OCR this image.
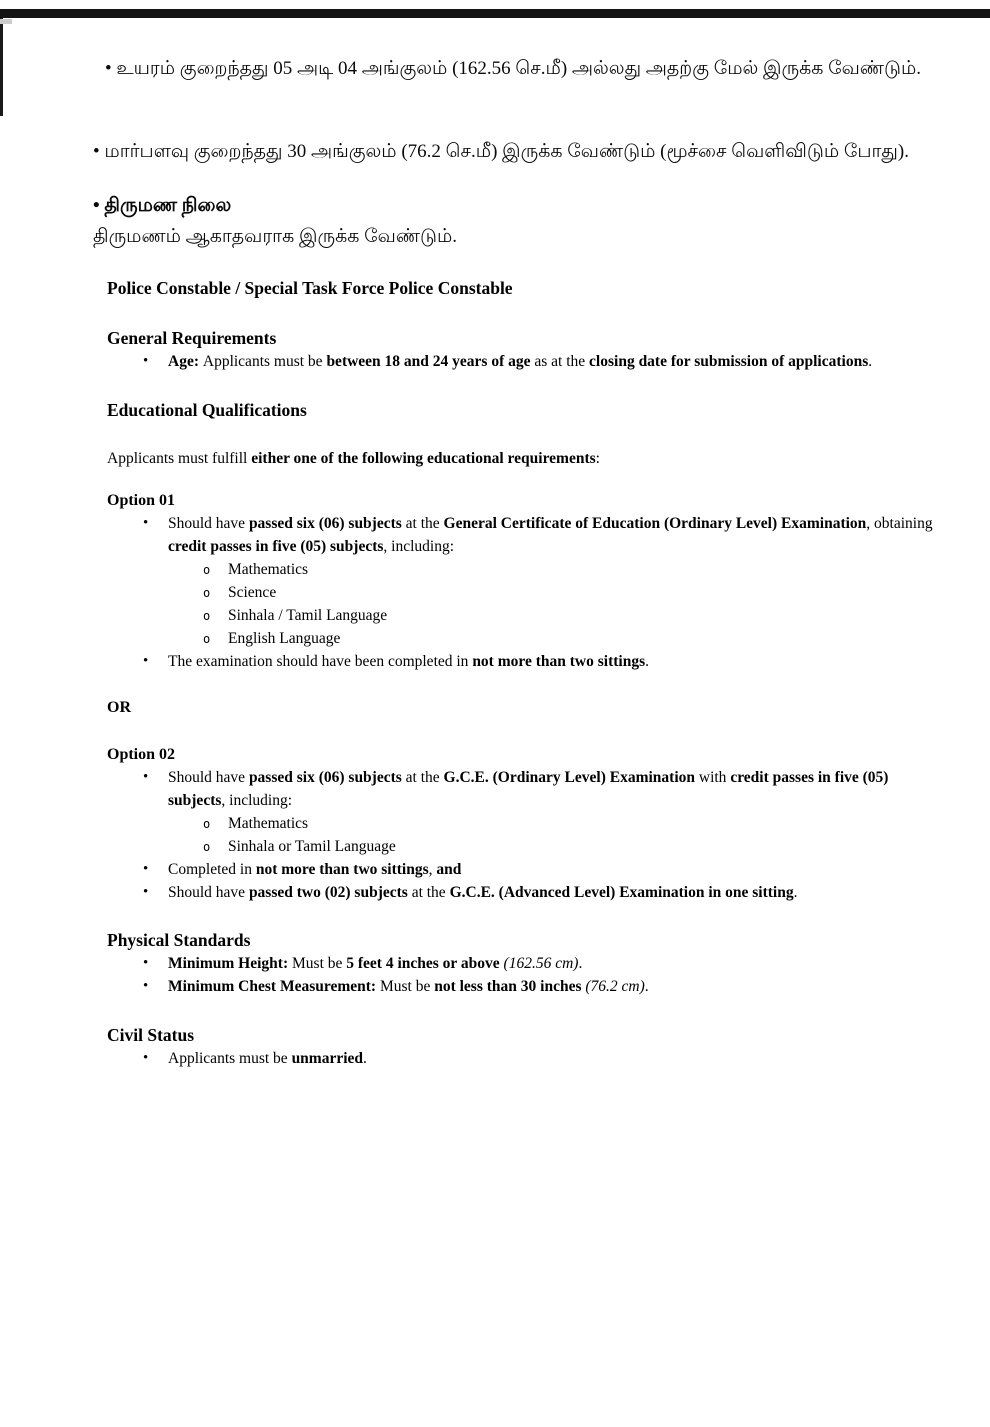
• உயரம் குறைந்தது 05 அடி 04 அங்குலம் (162.56 செ.மீ) அல்லது அதற்கு மேல் இருக்க வேண்டும்.
• மார்பளவு குறைந்தது 30 அங்குலம் (76.2 செ.மீ) இருக்க வேண்டும் (மூச்சை வெளிவிடும் போது).
• திருமண நிலை
திருமணம் ஆகாதவராக இருக்க வேண்டும்.
Police Constable / Special Task Force Police Constable
General Requirements
• Age: Applicants must be between 18 and 24 years of age as at the closing date for submission of applications.
Educational Qualifications
Applicants must fulfill either one of the following educational requirements:
Option 01
• Should have passed six (06) subjects at the General Certificate of Education (Ordinary Level) Examination, obtaining credit passes in five (05) subjects, including:
o Mathematics
o Science
o Sinhala / Tamil Language
o English Language
• The examination should have been completed in not more than two sittings.
OR
Option 02
• Should have passed six (06) subjects at the G.C.E. (Ordinary Level) Examination with credit passes in five (05) subjects, including:
o Mathematics
o Sinhala or Tamil Language
• Completed in not more than two sittings, and
• Should have passed two (02) subjects at the G.C.E. (Advanced Level) Examination in one sitting.
Physical Standards
• Minimum Height: Must be 5 feet 4 inches or above (162.56 cm).
• Minimum Chest Measurement: Must be not less than 30 inches (76.2 cm).
Civil Status
• Applicants must be unmarried.
